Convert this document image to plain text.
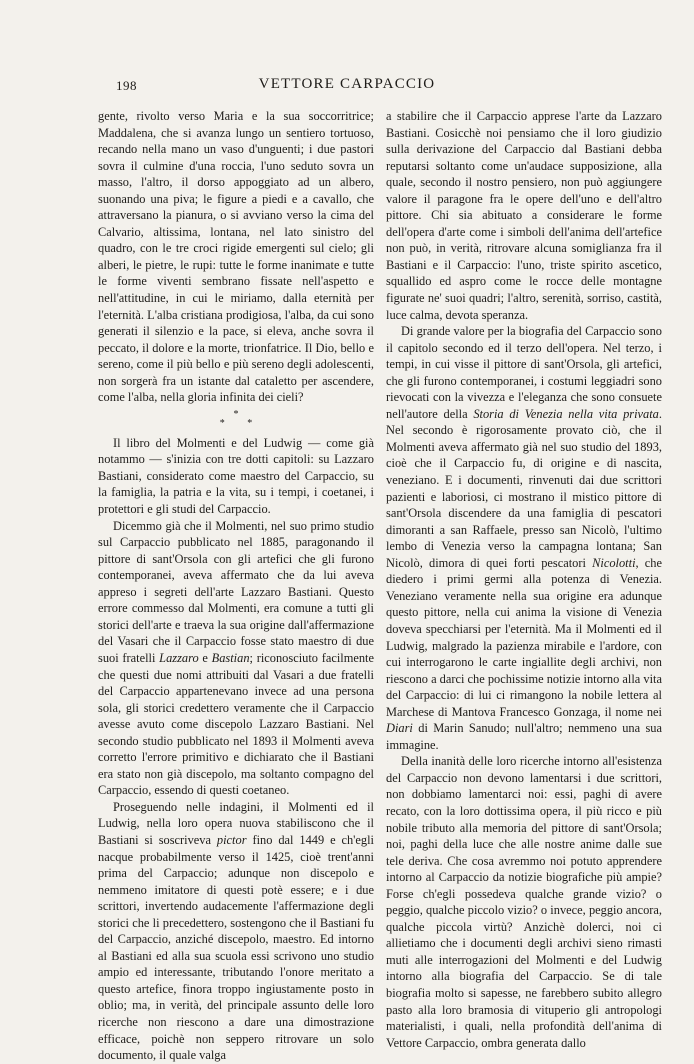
198	VETTORE CARPACCIO

gente, rivolto verso Maria e la sua soccorritrice; Maddalena, che si avanza lungo un sentiero tortuoso, recando nella mano un vaso d'unguenti; i due pastori sovra il culmine d'una roccia, l'uno seduto sovra un masso, l'altro, il dorso appoggiato ad un albero, suonando una piva; le figure a piedi e a cavallo, che attraversano la pianura, o si avviano verso la cima del Calvario, altissima, lontana, nel lato sinistro del quadro, con le tre croci rigide emergenti sul cielo; gli alberi, le pietre, le rupi: tutte le forme inanimate e tutte le forme viventi sembrano fissate nell'aspetto e nell'attitudine, in cui le miriamo, dalla eternità per l'eternità. L'alba cristiana prodigiosa, l'alba, da cui sono generati il silenzio e la pace, si eleva, anche sovra il peccato, il dolore e la morte, trionfatrice. Il Dio, bello e sereno, come il più bello e più sereno degli adolescenti, non sorgerà fra un istante dal cataletto per ascendere, come l'alba, nella gloria infinita dei cieli?

*
* *

Il libro del Molmenti e del Ludwig — come già notammo — s'inizia con tre dotti capitoli: su Lazzaro Bastiani, considerato come maestro del Carpaccio, su la famiglia, la patria e la vita, su i tempi, i coetanei, i protettori e gli studi del Carpaccio.

Dicemmo già che il Molmenti, nel suo primo studio sul Carpaccio pubblicato nel 1885, paragonando il pittore di sant'Orsola con gli artefici che gli furono contemporanei, aveva affermato che da lui aveva appreso i segreti dell'arte Lazzaro Bastiani. Questo errore commesso dal Molmenti, era comune a tutti gli storici dell'arte e traeva la sua origine dall'affermazione del Vasari che il Carpaccio fosse stato maestro di due suoi fratelli Lazzaro e Bastian; riconosciuto facilmente che questi due nomi attribuiti dal Vasari a due fratelli del Carpaccio appartenevano invece ad una persona sola, gli storici credettero veramente che il Carpaccio avesse avuto come discepolo Lazzaro Bastiani. Nel secondo studio pubblicato nel 1893 il Molmenti aveva corretto l'errore primitivo e dichiarato che il Bastiani era stato non già discepolo, ma soltanto compagno del Carpaccio, essendo di questi coetaneo.

Proseguendo nelle indagini, il Molmenti ed il Ludwig, nella loro opera nuova stabiliscono che il Bastiani si soscriveva pictor fino dal 1449 e ch'egli nacque probabilmente verso il 1425, cioè trent'anni prima del Carpaccio; adunque non discepolo e nemmeno imitatore di questi potè essere; e i due scrittori, invertendo audacemente l'affermazione degli storici che li precedettero, sostengono che il Bastiani fu del Carpaccio, anziché discepolo, maestro. Ed intorno al Bastiani ed alla sua scuola essi scrivono uno studio ampio ed interessante, tributando l'onore meritato a questo artefice, finora troppo ingiustamente posto in oblio; ma, in verità, del principale assunto delle loro ricerche non riescono a dare una dimostrazione efficace, poichè non seppero ritrovare un solo documento, il quale valga

a stabilire che il Carpaccio apprese l'arte da Lazzaro Bastiani. Cosicchè noi pensiamo che il loro giudizio sulla derivazione del Carpaccio dal Bastiani debba reputarsi soltanto come un'audace supposizione, alla quale, secondo il nostro pensiero, non può aggiungere valore il paragone fra le opere dell'uno e dell'altro pittore. Chi sia abituato a considerare le forme dell'opera d'arte come i simboli dell'anima dell'artefice non può, in verità, ritrovare alcuna somiglianza fra il Bastiani e il Carpaccio: l'uno, triste spirito ascetico, squallido ed aspro come le rocce delle montagne figurate ne' suoi quadri; l'altro, serenità, sorriso, castità, luce calma, devota speranza.

Di grande valore per la biografia del Carpaccio sono il capitolo secondo ed il terzo dell'opera. Nel terzo, i tempi, in cui visse il pittore di sant'Orsola, gli artefici, che gli furono contemporanei, i costumi leggiadri sono rievocati con la vivezza e l'eleganza che sono consuete nell'autore della Storia di Venezia nella vita privata. Nel secondo è rigorosamente provato ciò, che il Molmenti aveva affermato già nel suo studio del 1893, cioè che il Carpaccio fu, di origine e di nascita, veneziano. E i documenti, rinvenuti dai due scrittori pazienti e laboriosi, ci mostrano il mistico pittore di sant'Orsola discendere da una famiglia di pescatori dimoranti a san Raffaele, presso san Nicolò, l'ultimo lembo di Venezia verso la campagna lontana; San Nicolò, dimora di quei forti pescatori Nicolotti, che diedero i primi germi alla potenza di Venezia. Veneziano veramente nella sua origine era adunque questo pittore, nella cui anima la visione di Venezia doveva specchiarsi per l'eternità. Ma il Molmenti ed il Ludwig, malgrado la pazienza mirabile e l'ardore, con cui interrogarono le carte ingiallite degli archivi, non riescono a darci che pochissime notizie intorno alla vita del Carpaccio: di lui ci rimangono la nobile lettera al Marchese di Mantova Francesco Gonzaga, il nome nei Diari di Marin Sanudo; null'altro; nemmeno una sua immagine.

Della inanità delle loro ricerche intorno all'esistenza del Carpaccio non devono lamentarsi i due scrittori, non dobbiamo lamentarci noi: essi, paghi di avere recato, con la loro dottissima opera, il più ricco e più nobile tributo alla memoria del pittore di sant'Orsola; noi, paghi della luce che alle nostre anime dalle sue tele deriva. Che cosa avremmo noi potuto apprendere intorno al Carpaccio da notizie biografiche più ampie? Forse ch'egli possedeva qualche grande vizio? o peggio, qualche piccolo vizio? o invece, peggio ancora, qualche piccola virtù? Anzichè dolerci, noi ci allietiamo che i documenti degli archivi sieno rimasti muti alle interrogazioni del Molmenti e del Ludwig intorno alla biografia del Carpaccio. Se di tale biografia molto si sapesse, ne farebbero subito allegro pasto alla loro bramosia di vituperio gli antropologi materialisti, i quali, nella profondità dell'anima di Vettore Carpaccio, ombra generata dallo
